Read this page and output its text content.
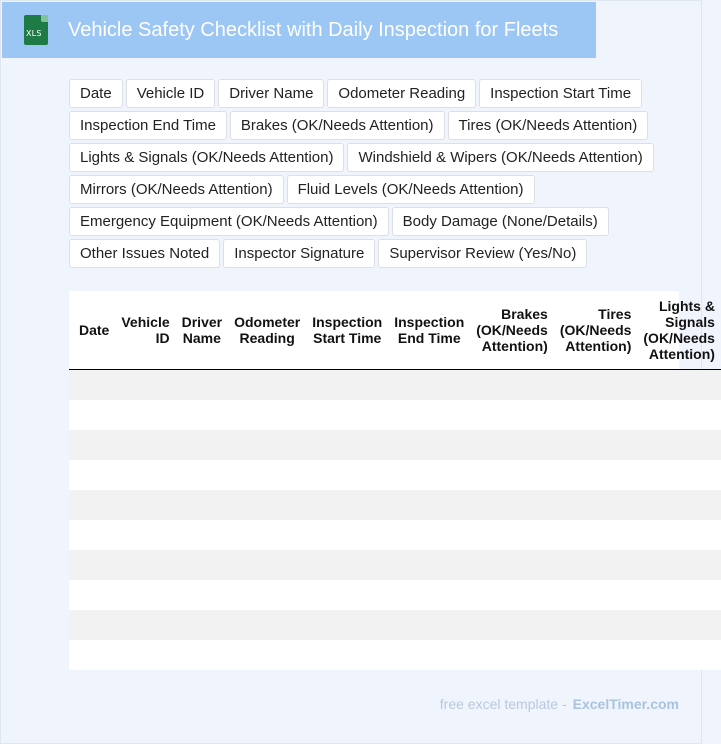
XLS Vehicle Safety Checklist with Daily Inspection for Fleets
Date	Vehicle ID	Driver Name	Odometer Reading	Inspection Start Time
Inspection End Time	Brakes (OK/Needs Attention)	Tires (OK/Needs Attention)
Lights & Signals (OK/Needs Attention)	Windshield & Wipers (OK/Needs Attention)
Mirrors (OK/Needs Attention)	Fluid Levels (OK/Needs Attention)
Emergency Equipment (OK/Needs Attention)	Body Damage (None/Details)
Other Issues Noted	Inspector Signature	Supervisor Review (Yes/No)
Date	Vehicle ID	Driver Name	Odometer Reading	Inspection Start Time	Inspection End Time	Brakes (OK/Needs Attention)	Tires (OK/Needs Attention)	Lights & Signals (OK/Needs Attention)

free excel template - ExcelTimer.com
